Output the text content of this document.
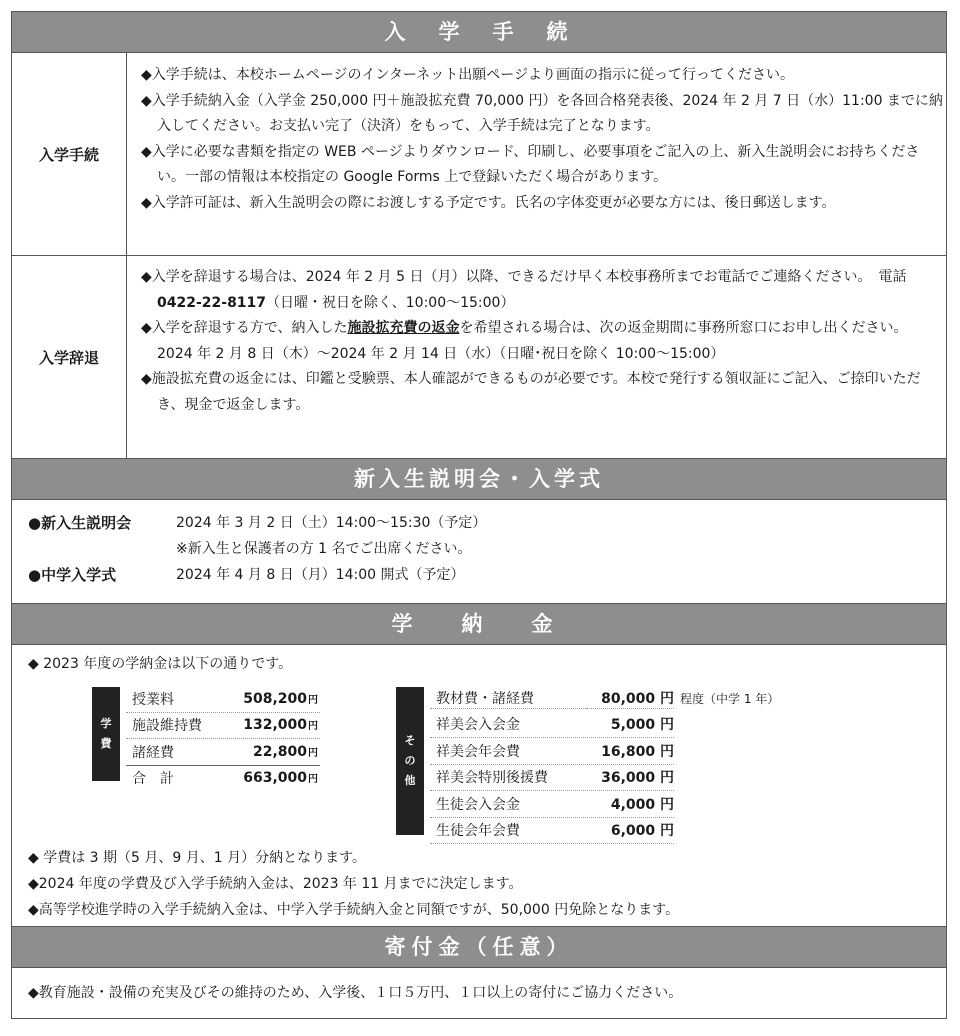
入　学　手　続
入学手続

◆入学手続は、本校ホームページのインターネット出願ページより画面の指示に従って行ってください。

◆入学手続納入金（入学金 250,000 円＋施設拡充費 70,000 円）を各回合格発表後、2024 年 2 月 7 日（水）11:00 までに納入してください。お支払い完了（決済）をもって、入学手続は完了となります。

◆入学に必要な書類を指定の WEB ページよりダウンロード、印刷し、必要事項をご記入の上、新入生説明会にお持ちください。一部の情報は本校指定の Google Forms 上で登録いただく場合があります。

◆入学許可証は、新入生説明会の際にお渡しする予定です。氏名の字体変更が必要な方には、後日郵送します。

入学辞退

◆入学を辞退する場合は、2024 年 2 月 5 日（月）以降、できるだけ早く本校事務所までお電話でご連絡ください。　電話 0422-22-8117（日曜・祝日を除く、10:00〜15:00）

◆入学を辞退する方で、納入した施設拡充費の返金を希望される場合は、次の返金期間に事務所窓口にお申し出ください。

2024 年 2 月 8 日（木）〜2024 年 2 月 14 日（水）（日曜･祝日を除く 10:00〜15:00）

◆施設拡充費の返金には、印鑑と受験票、本人確認ができるものが必要です。本校で発行する領収証にご記入、ご捺印いただき、現金で返金します。

新入生説明会・入学式
●新入生説明会	2024 年 3 月 2 日（土）14:00〜15:30（予定）
※新入生と保護者の方 1 名でご出席ください。
●中学入学式	2024 年 4 月 8 日（月）14:00 開式（予定）
学　納　金
◆ 2023 年度の学納金は以下の通りです。
学
費
授業料	508,200円
施設維持費	132,000円
諸経費	22,800円
合　計	663,000円
そ
の
他
教材費・諸経費	80,000 円 程度（中学 1 年）
祥美会入会金	5,000 円
祥美会年会費	16,800 円
祥美会特別後援費	36,000 円
生徒会入会金	4,000 円
生徒会年会費	6,000 円
◆ 学費は 3 期（5 月、9 月、1 月）分納となります。
◆2024 年度の学費及び入学手続納入金は、2023 年 11 月までに決定します。
◆高等学校進学時の入学手続納入金は、中学入学手続納入金と同額ですが、50,000 円免除となります。
寄付金（任意）
◆教育施設・設備の充実及びその維持のため、入学後、１口５万円、１口以上の寄付にご協力ください。
